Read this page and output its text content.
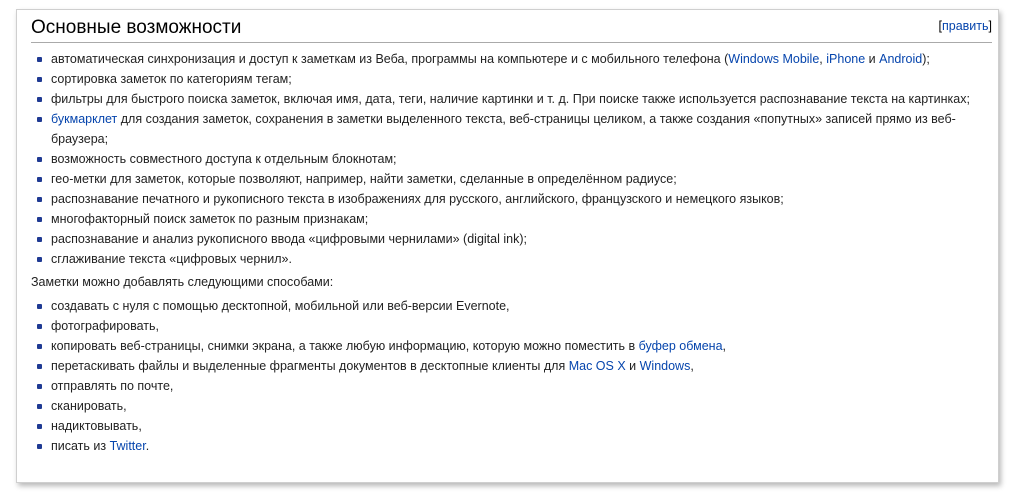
Основные возможности	[править]
автоматическая синхронизация и доступ к заметкам из Веба, программы на компьютере и с мобильного телефона (Windows Mobile, iPhone и Android);
сортировка заметок по категориям тегам;
фильтры для быстрого поиска заметок, включая имя, дата, теги, наличие картинки и т. д. При поиске также используется распознавание текста на картинках;
букмарклет для создания заметок, сохранения в заметки выделенного текста, веб-страницы целиком, а также создания «попутных» записей прямо из веб-браузера;
возможность совместного доступа к отдельным блокнотам;
гео-метки для заметок, которые позволяют, например, найти заметки, сделанные в определённом радиусе;
распознавание печатного и рукописного текста в изображениях для русского, английского, французского и немецкого языков;
многофакторный поиск заметок по разным признакам;
распознавание и анализ рукописного ввода «цифровыми чернилами» (digital ink);
сглаживание текста «цифровых чернил».

Заметки можно добавлять следующими способами:

создавать с нуля с помощью десктопной, мобильной или веб-версии Evernote,
фотографировать,
копировать веб-страницы, снимки экрана, а также любую информацию, которую можно поместить в буфер обмена,
перетаскивать файлы и выделенные фрагменты документов в десктопные клиенты для Mac OS X и Windows,
отправлять по почте,
сканировать,
надиктовывать,
писать из Twitter.
